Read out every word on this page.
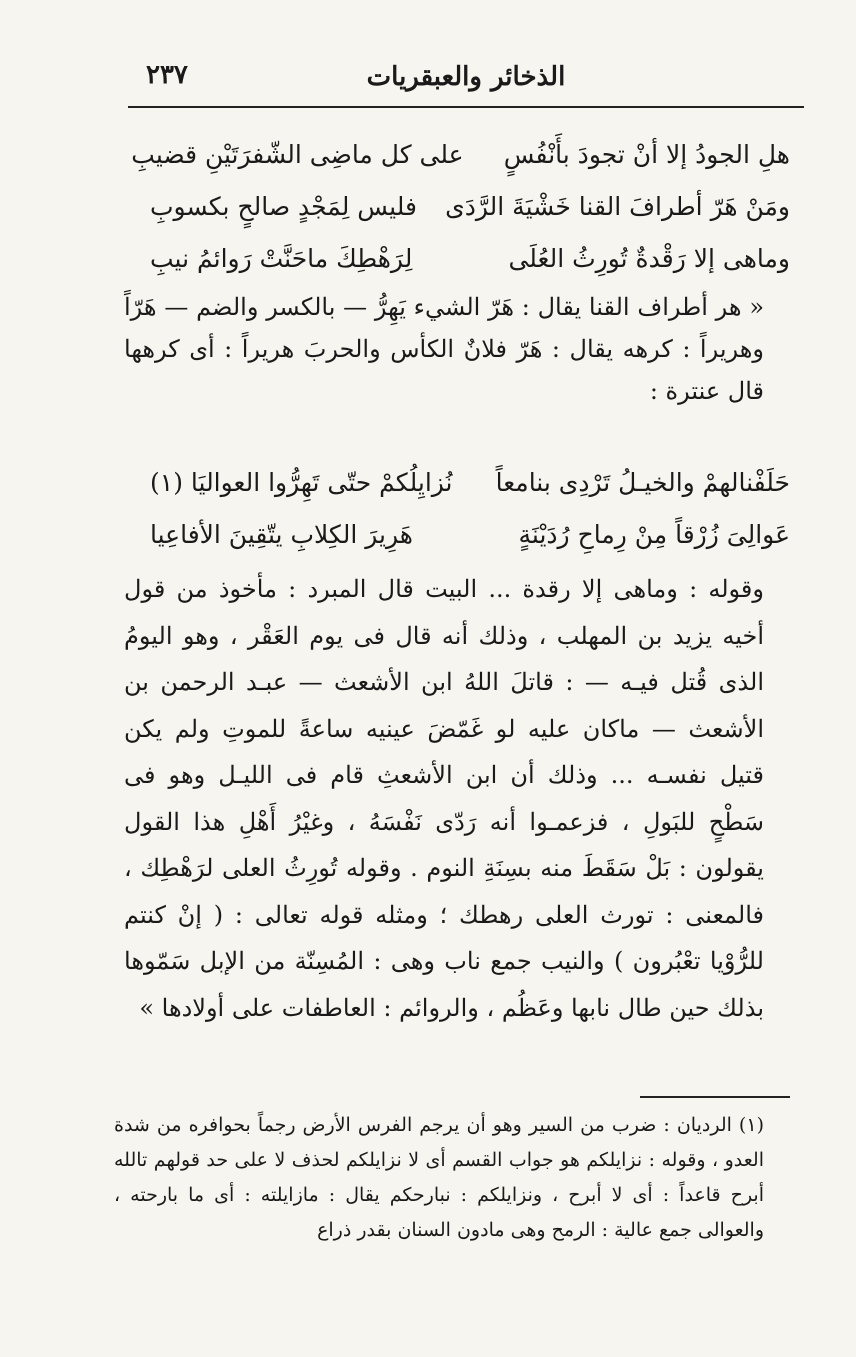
الذخائر والعبقريات
٢٣٧
هلِ الجودُ إلا أنْ تجودَ بأَنْفُسٍ
على كل ماضِى الشّفرَتَيْنِ قضيبِ
ومَنْ هَرّ أطرافَ القنا خَشْيَةَ الرَّدَى
فليس لِمَجْدٍ صالحٍ بكسوبِ
وماهى إلا رَقْدةٌ تُورِثُ العُلَى
لِرَهْطِكَ ماحَنَّتْ رَوائمُ نيبِ
« هر أطراف القنا يقال : هَرّ الشيء يَهِرُّ — بالكسر والضم — هَرّاً وهريراً : كرهه يقال : هَرّ فلانٌ الكأس والحربَ هريراً : أى كرهها قال عنترة :
حَلَفْنالهمْ والخيـلُ تَرْدِى بنامعاً
نُزايِلُكمْ حتّى تَهِرُّوا العواليَا (١)
عَوالِىَ زُرْقاً مِنْ رِماحِ رُدَيْنَةٍ
هَرِيرَ الكِلابِ يتّقِينَ الأفاعِيا
وقوله : وماهى إلا رقدة ... البيت قال المبرد : مأخوذ من قول أخيه يزيد بن المهلب ، وذلك أنه قال فى يوم العَقْر ، وهو اليومُ الذى قُتل فيـه — : قاتلَ اللهُ ابن الأشعث — عبـد الرحمن بن الأشعث — ماكان عليه لو غَمّضَ عينيه ساعةً للموتِ ولم يكن قتيل نفسـه ... وذلك أن ابن الأشعثِ قام فى الليـل وهو فى سَطْحٍ للبَولِ ، فزعمـوا أنه رَدّى نَفْسَهُ ، وغيْرُ أَهْلِ هذا القول يقولون : بَلْ سَقَطَ منه بسِنَةِ النوم . وقوله تُورِثُ العلى لرَهْطِك ، فالمعنى : تورث العلى رهطك ؛ ومثله قوله تعالى : ( إنْ كنتم للرُّوْيا تعْبُرون ) والنيب جمع ناب وهى : المُسِنّة من الإبل سَمّوها بذلك حين طال نابها وعَظُم ، والروائم : العاطفات على أولادها »
(١) الرديان : ضرب من السير وهو أن يرجم الفرس الأرض رجماً بحوافره من شدة العدو ، وقوله : نزايلكم هو جواب القسم أى لا نزايلكم لحذف لا على حد قولهم تالله أبرح قاعداً : أى لا أبرح ، ونزايلكم : نبارحكم يقال : مازايلته : أى ما بارحته ، والعوالى جمع عالية : الرمح وهى مادون السنان بقدر ذراع
